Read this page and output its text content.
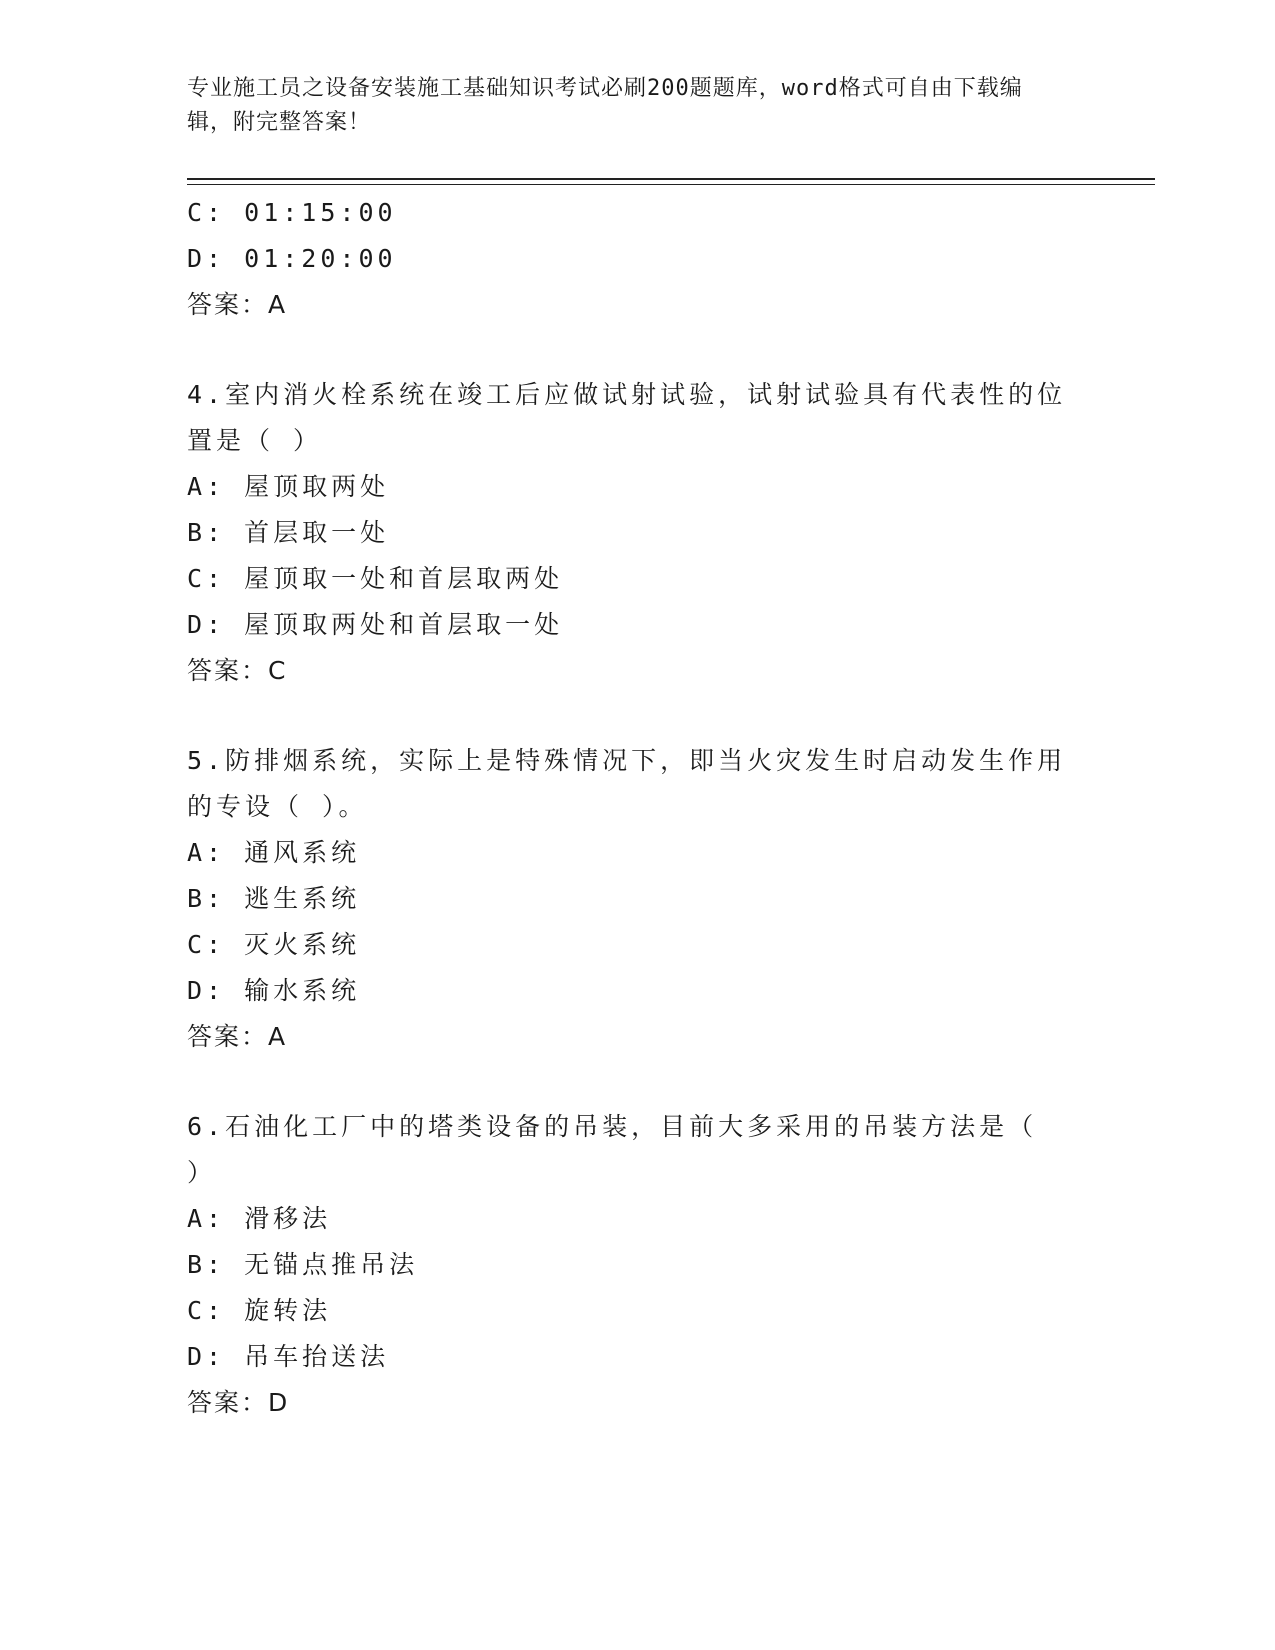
专业施工员之设备安装施工基础知识考试必刷200题题库，word格式可自由下载编辑，附完整答案！
C: 01:15:00
D: 01:20:00
答案：A
4.室内消火栓系统在竣工后应做试射试验，试射试验具有代表性的位置是（ ）
A: 屋顶取两处
B: 首层取一处
C: 屋顶取一处和首层取两处
D: 屋顶取两处和首层取一处
答案：C
5.防排烟系统，实际上是特殊情况下，即当火灾发生时启动发生作用的专设（ ）。
A: 通风系统
B: 逃生系统
C: 灭火系统
D: 输水系统
答案：A
6.石油化工厂中的塔类设备的吊装，目前大多采用的吊装方法是（ ）
A: 滑移法
B: 无锚点推吊法
C: 旋转法
D: 吊车抬送法
答案：D
